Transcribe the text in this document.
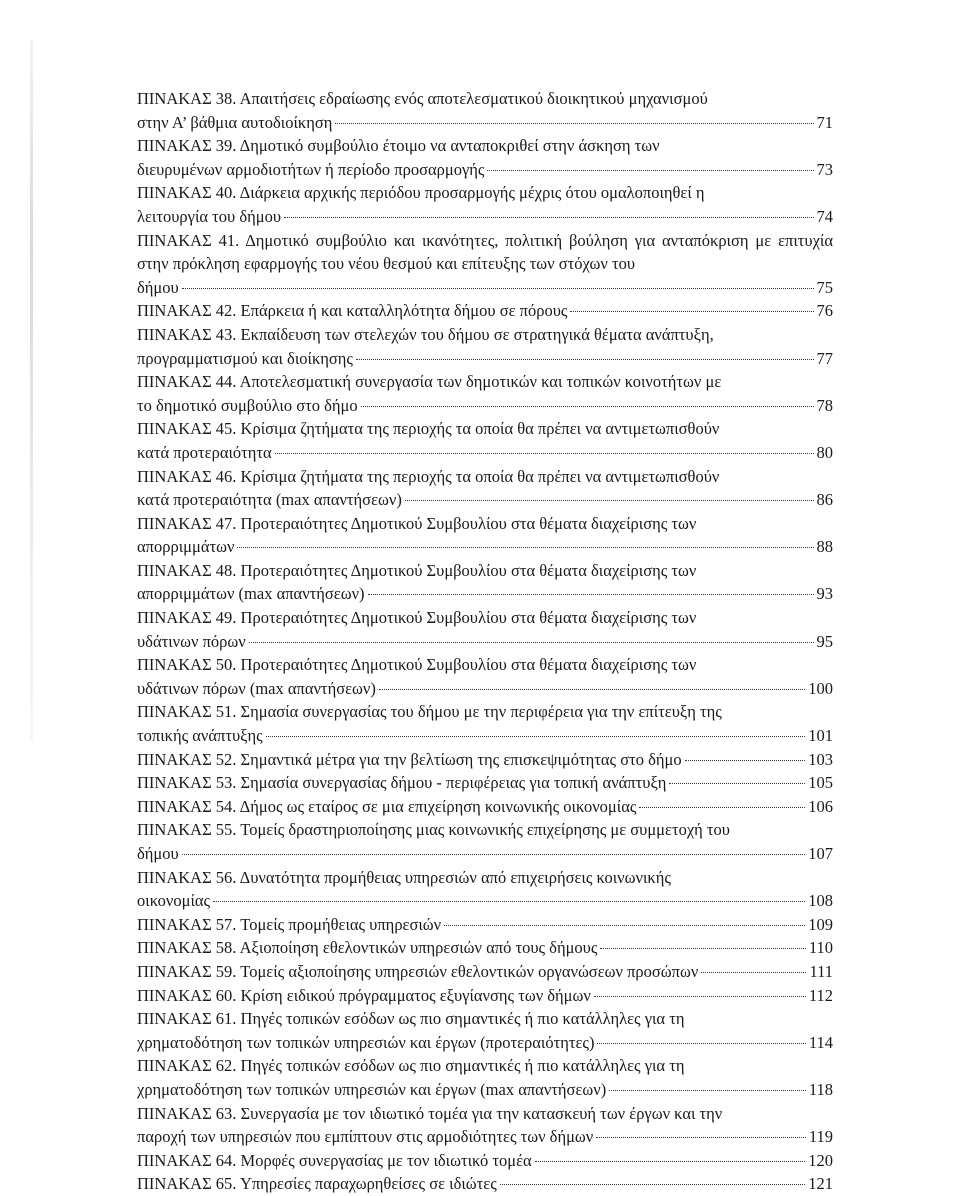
ΠΙΝΑΚΑΣ 38. Απαιτήσεις εδραίωσης ενός αποτελεσματικού διοικητικού μηχανισμού
στην Α’ βάθμια αυτοδιοίκηση	71
ΠΙΝΑΚΑΣ 39. Δημοτικό συμβούλιο έτοιμο να ανταποκριθεί στην άσκηση των
διευρυμένων αρμοδιοτήτων ή περίοδο προσαρμογής	73
ΠΙΝΑΚΑΣ 40. Διάρκεια αρχικής περιόδου προσαρμογής μέχρις ότου ομαλοποιηθεί η
λειτουργία του δήμου	74
ΠΙΝΑΚΑΣ 41. Δημοτικό συμβούλιο και ικανότητες, πολιτική βούληση για ανταπόκριση με επιτυχία στην πρόκληση εφαρμογής του νέου θεσμού και επίτευξης των στόχων του
δήμου	75
ΠΙΝΑΚΑΣ 42. Επάρκεια ή και καταλληλότητα δήμου σε πόρους	76
ΠΙΝΑΚΑΣ 43. Εκπαίδευση των στελεχών του δήμου σε στρατηγικά θέματα ανάπτυξη,
προγραμματισμού και διοίκησης	77
ΠΙΝΑΚΑΣ 44. Αποτελεσματική συνεργασία των δημοτικών και τοπικών κοινοτήτων με
το δημοτικό συμβούλιο στο δήμο	78
ΠΙΝΑΚΑΣ 45. Κρίσιμα ζητήματα της περιοχής τα οποία θα πρέπει να αντιμετωπισθούν
κατά προτεραιότητα	80
ΠΙΝΑΚΑΣ 46. Κρίσιμα ζητήματα της περιοχής τα οποία θα πρέπει να αντιμετωπισθούν
κατά προτεραιότητα (max απαντήσεων)	86
ΠΙΝΑΚΑΣ 47. Προτεραιότητες Δημοτικού Συμβουλίου στα θέματα διαχείρισης των
απορριμμάτων	88
ΠΙΝΑΚΑΣ 48. Προτεραιότητες Δημοτικού Συμβουλίου στα θέματα διαχείρισης των
απορριμμάτων (max απαντήσεων)	93
ΠΙΝΑΚΑΣ 49. Προτεραιότητες Δημοτικού Συμβουλίου στα θέματα διαχείρισης των
υδάτινων πόρων	95
ΠΙΝΑΚΑΣ 50. Προτεραιότητες Δημοτικού Συμβουλίου στα θέματα διαχείρισης των
υδάτινων πόρων (max απαντήσεων)	100
ΠΙΝΑΚΑΣ 51. Σημασία συνεργασίας του δήμου με την περιφέρεια για την επίτευξη της
τοπικής ανάπτυξης	101
ΠΙΝΑΚΑΣ 52. Σημαντικά μέτρα για την βελτίωση της επισκεψιμότητας στο δήμο	103
ΠΙΝΑΚΑΣ 53. Σημασία συνεργασίας δήμου - περιφέρειας για τοπική ανάπτυξη	105
ΠΙΝΑΚΑΣ 54. Δήμος ως εταίρος σε μια επιχείρηση κοινωνικής οικονομίας	106
ΠΙΝΑΚΑΣ 55. Τομείς δραστηριοποίησης μιας κοινωνικής επιχείρησης με συμμετοχή του
δήμου	107
ΠΙΝΑΚΑΣ 56. Δυνατότητα προμήθειας υπηρεσιών από επιχειρήσεις κοινωνικής
οικονομίας	108
ΠΙΝΑΚΑΣ 57. Τομείς προμήθειας υπηρεσιών	109
ΠΙΝΑΚΑΣ 58. Αξιοποίηση εθελοντικών υπηρεσιών από τους δήμους	110
ΠΙΝΑΚΑΣ 59. Τομείς αξιοποίησης υπηρεσιών εθελοντικών οργανώσεων προσώπων	111
ΠΙΝΑΚΑΣ 60. Κρίση ειδικού πρόγραμματος εξυγίανσης των δήμων	112
ΠΙΝΑΚΑΣ 61. Πηγές τοπικών εσόδων ως πιο σημαντικές ή πιο κατάλληλες για τη
χρηματοδότηση των τοπικών υπηρεσιών και έργων (προτεραιότητες)	114
ΠΙΝΑΚΑΣ 62. Πηγές τοπικών εσόδων ως πιο σημαντικές ή πιο κατάλληλες για τη
χρηματοδότηση των τοπικών υπηρεσιών και έργων (max απαντήσεων)	118
ΠΙΝΑΚΑΣ 63. Συνεργασία με τον ιδιωτικό τομέα για την κατασκευή των έργων και την
παροχή των υπηρεσιών που εμπίπτουν στις αρμοδιότητες των δήμων	119
ΠΙΝΑΚΑΣ 64. Μορφές συνεργασίας με τον ιδιωτικό τομέα	120
ΠΙΝΑΚΑΣ 65. Υπηρεσίες παραχωρηθείσες σε ιδιώτες	121
